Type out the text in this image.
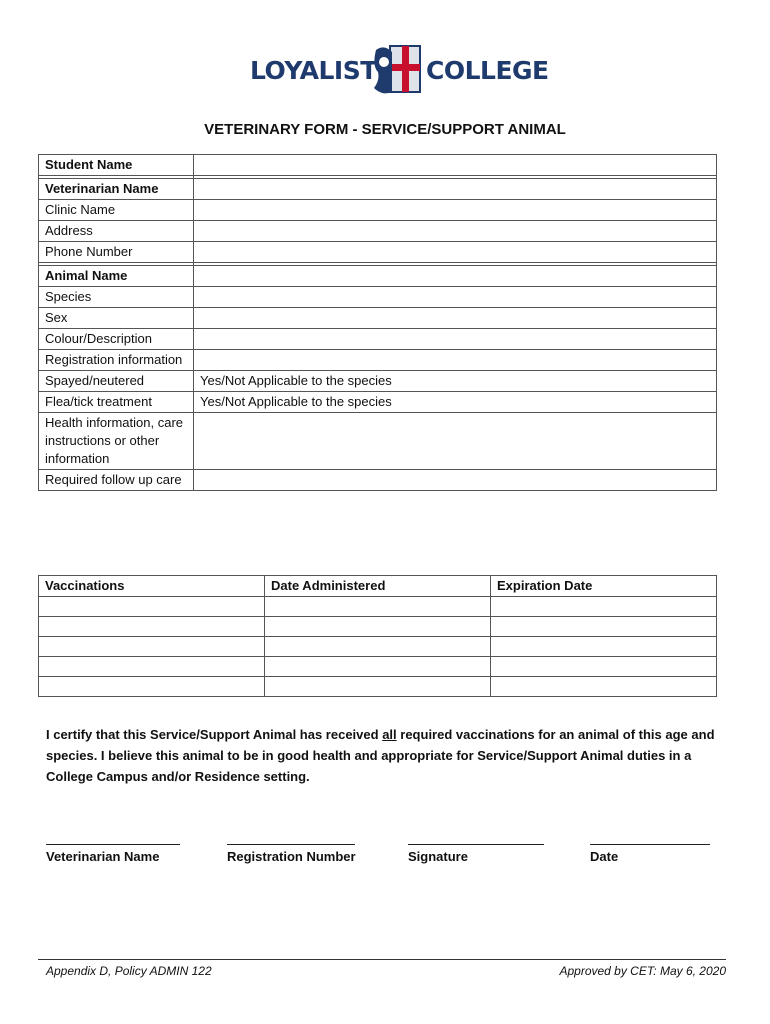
LOYALIST COLLEGE
VETERINARY FORM - SERVICE/SUPPORT ANIMAL
Student Name	

Veterinarian Name	
Clinic Name	
Address	
Phone Number	

Animal Name	
Species	
Sex	
Colour/Description	
Registration information	
Spayed/neutered	Yes/Not Applicable to the species
Flea/tick treatment	Yes/Not Applicable to the species
Health information, care instructions or other information	
Required follow up care	
Vaccinations	Date Administered	Expiration Date

I certify that this Service/Support Animal has received all required vaccinations for an animal of this age and species. I believe this animal to be in good health and appropriate for Service/Support Animal duties in a College Campus and/or Residence setting.
Veterinarian Name	Registration Number	Signature	Date
Appendix D, Policy ADMIN 122	Approved by CET: May 6, 2020
